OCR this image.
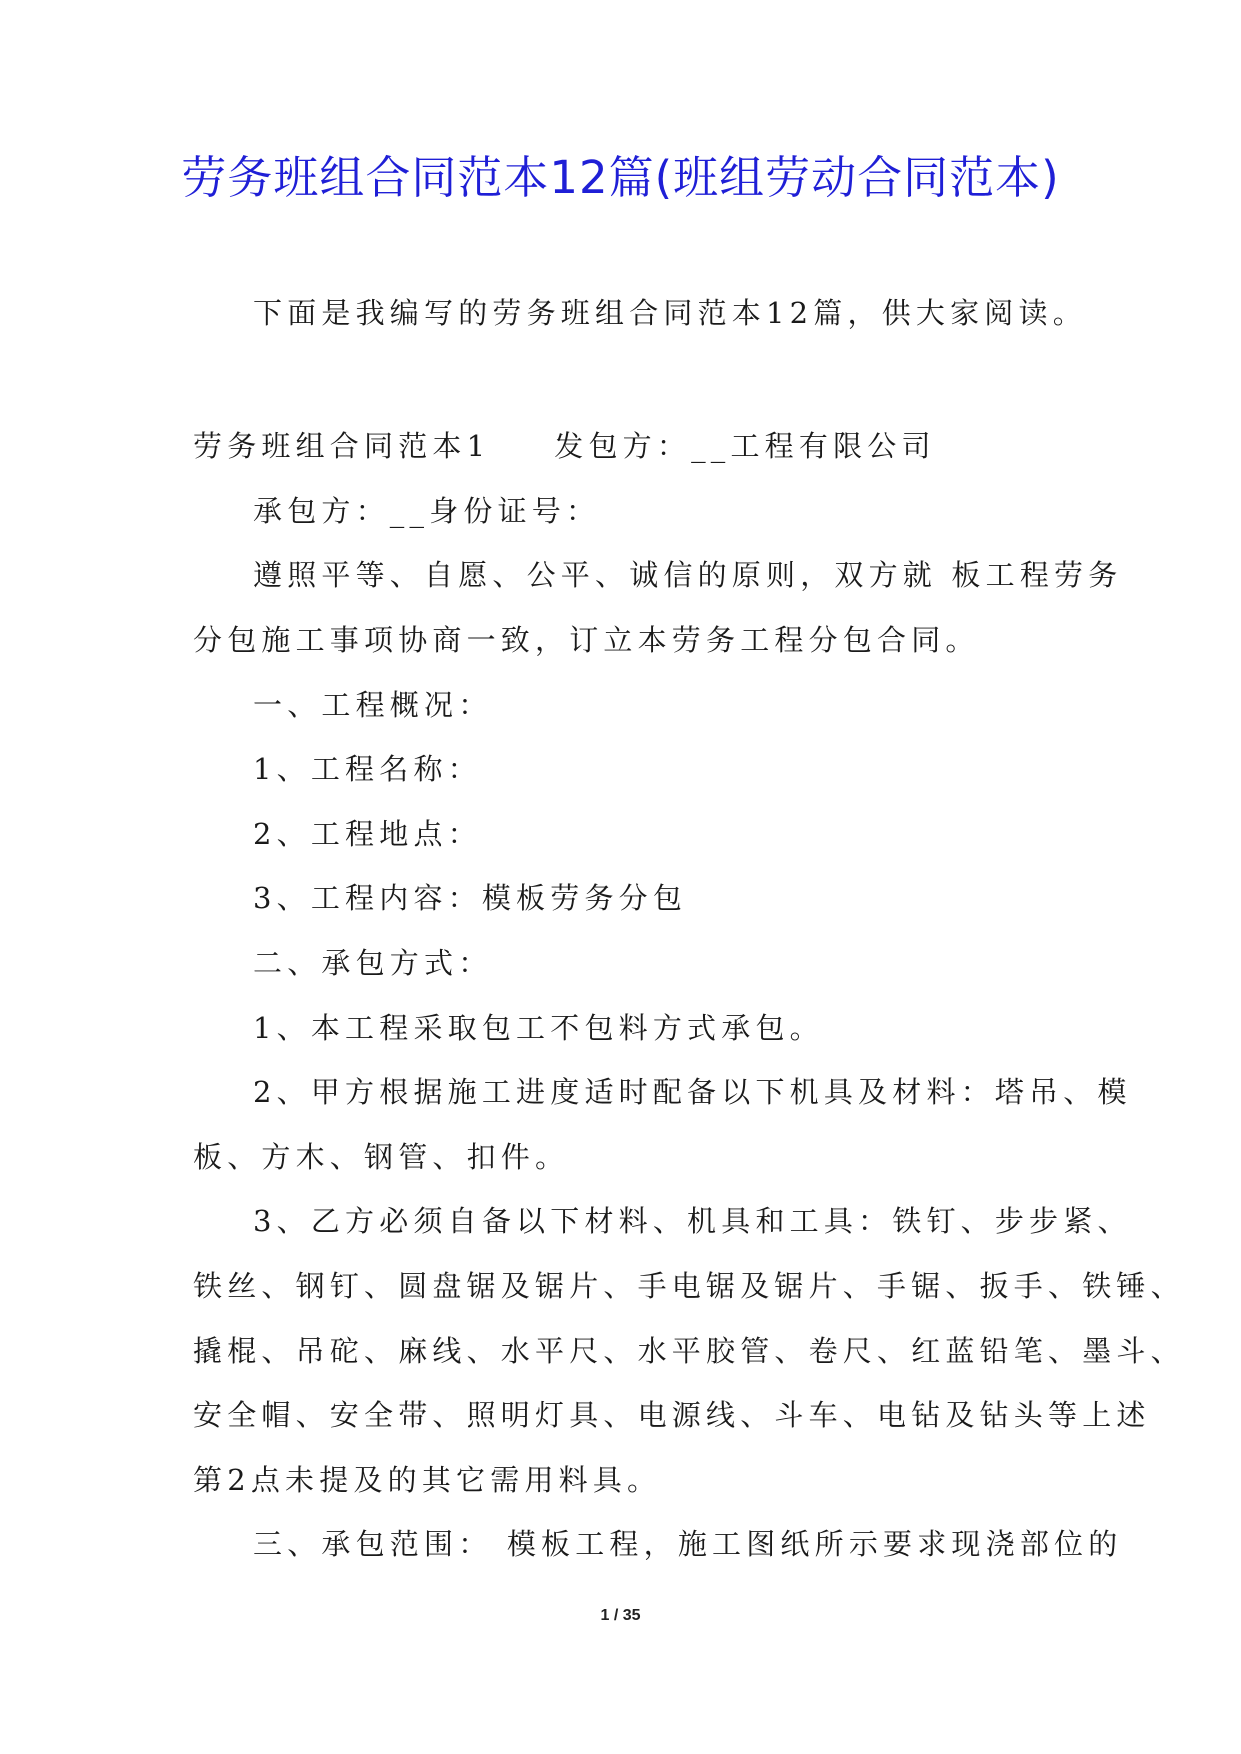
劳务班组合同范本12篇(班组劳动合同范本)
下面是我编写的劳务班组合同范本12篇，供大家阅读。
劳务班组合同范本1 发包方：__工程有限公司
承包方：__身份证号：
遵照平等、自愿、公平、诚信的原则，双方就 板工程劳务
分包施工事项协商一致，订立本劳务工程分包合同。
一、工程概况：
1、工程名称：
2、工程地点：
3、工程内容：模板劳务分包
二、承包方式：
1、本工程采取包工不包料方式承包。
2、甲方根据施工进度适时配备以下机具及材料：塔吊、模
板、方木、钢管、扣件。
3、乙方必须自备以下材料、机具和工具：铁钉、步步紧、
铁丝、钢钉、圆盘锯及锯片、手电锯及锯片、手锯、扳手、铁锤、
撬棍、吊砣、麻线、水平尺、水平胶管、卷尺、红蓝铅笔、墨斗、
安全帽、安全带、照明灯具、电源线、斗车、电钻及钻头等上述
第2点未提及的其它需用料具。
三、承包范围： 模板工程，施工图纸所示要求现浇部位的
1 / 35
